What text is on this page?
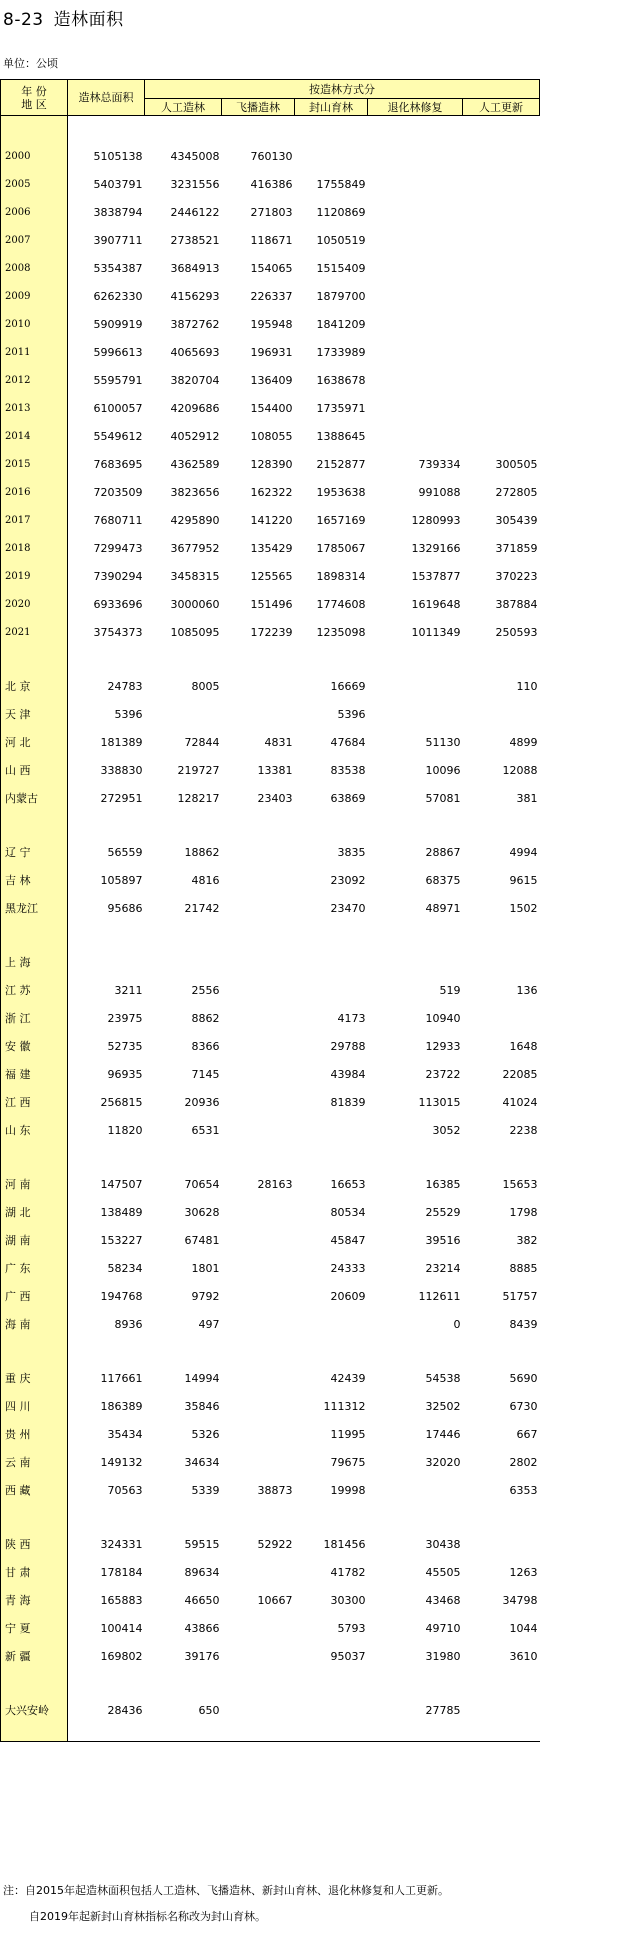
8-23 造林面积
单位：公顷
年 份
地 区	造林总面积	按造林方式分				
		人工造林	飞播造林	封山育林	退化林修复	人工更新

2000	5105138	4345008	760130			
2005	5403791	3231556	416386	1755849		
2006	3838794	2446122	271803	1120869		
2007	3907711	2738521	118671	1050519		
2008	5354387	3684913	154065	1515409		
2009	6262330	4156293	226337	1879700		
2010	5909919	3872762	195948	1841209		
2011	5996613	4065693	196931	1733989		
2012	5595791	3820704	136409	1638678		
2013	6100057	4209686	154400	1735971		
2014	5549612	4052912	108055	1388645		
2015	7683695	4362589	128390	2152877	739334	300505
2016	7203509	3823656	162322	1953638	991088	272805
2017	7680711	4295890	141220	1657169	1280993	305439
2018	7299473	3677952	135429	1785067	1329166	371859
2019	7390294	3458315	125565	1898314	1537877	370223
2020	6933696	3000060	151496	1774608	1619648	387884
2021	3754373	1085095	172239	1235098	1011349	250593

北 京	24783	8005		16669		110
天 津	5396			5396		
河 北	181389	72844	4831	47684	51130	4899
山 西	338830	219727	13381	83538	10096	12088
内蒙古	272951	128217	23403	63869	57081	381

辽 宁	56559	18862		3835	28867	4994
吉 林	105897	4816		23092	68375	9615
黑龙江	95686	21742		23470	48971	1502

上 海						
江 苏	3211	2556			519	136
浙 江	23975	8862		4173	10940	
安 徽	52735	8366		29788	12933	1648
福 建	96935	7145		43984	23722	22085
江 西	256815	20936		81839	113015	41024
山 东	11820	6531			3052	2238

河 南	147507	70654	28163	16653	16385	15653
湖 北	138489	30628		80534	25529	1798
湖 南	153227	67481		45847	39516	382
广 东	58234	1801		24333	23214	8885
广 西	194768	9792		20609	112611	51757
海 南	8936	497			0	8439

重 庆	117661	14994		42439	54538	5690
四 川	186389	35846		111312	32502	6730
贵 州	35434	5326		11995	17446	667
云 南	149132	34634		79675	32020	2802
西 藏	70563	5339	38873	19998		6353

陕 西	324331	59515	52922	181456	30438	
甘 肃	178184	89634		41782	45505	1263
青 海	165883	46650	10667	30300	43468	34798
宁 夏	100414	43866		5793	49710	1044
新 疆	169802	39176		95037	31980	3610

大兴安岭	28436	650			27785	

注：自2015年起造林面积包括人工造林、飞播造林、新封山育林、退化林修复和人工更新。
自2019年起新封山育林指标名称改为封山育林。
